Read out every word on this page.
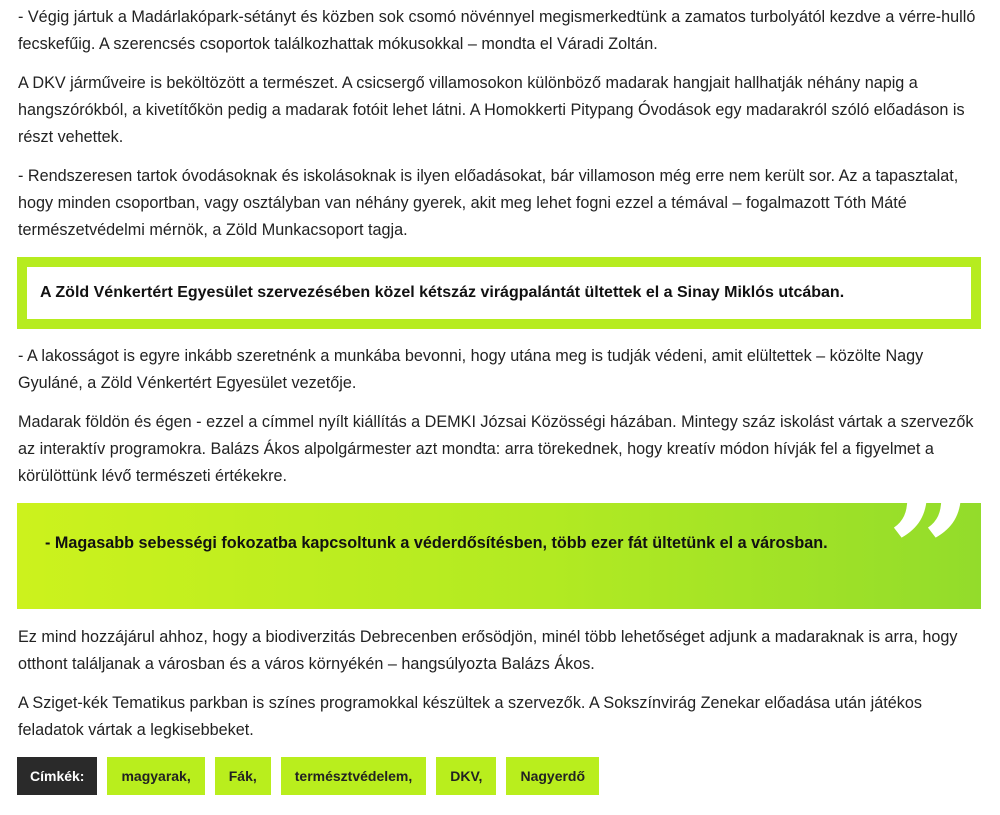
- Végig jártuk a Madárlakópark-sétányt és közben sok csomó növénnyel megismerkedtünk a zamatos turbolyától kezdve a vérre-hulló fecskefűig. A szerencsés csoportok találkozhattak mókusokkal – mondta el Váradi Zoltán.

A DKV járműveire is beköltözött a természet. A csicsergő villamosokon különböző madarak hangjait hallhatják néhány napig a hangszórókból, a kivetítőkön pedig a madarak fotóit lehet látni. A Homokkerti Pitypang Óvodások egy madarakról szóló előadáson is részt vehettek.

- Rendszeresen tartok óvodásoknak és iskolásoknak is ilyen előadásokat, bár villamoson még erre nem került sor. Az a tapasztalat, hogy minden csoportban, vagy osztályban van néhány gyerek, akit meg lehet fogni ezzel a témával – fogalmazott Tóth Máté természetvédelmi mérnök, a Zöld Munkacsoport tagja.

A Zöld Vénkertért Egyesület szervezésében közel kétszáz virágpalántát ültettek el a Sinay Miklós utcában.

- A lakosságot is egyre inkább szeretnénk a munkába bevonni, hogy utána meg is tudják védeni, amit elültettek – közölte Nagy Gyuláné, a Zöld Vénkertért Egyesület vezetője.

Madarak földön és égen - ezzel a címmel nyílt kiállítás a DEMKI Józsai Közösségi házában. Mintegy száz iskolást vártak a szervezők az interaktív programokra. Balázs Ákos alpolgármester azt mondta: arra törekednek, hogy kreatív módon hívják fel a figyelmet a körülöttünk lévő természeti értékekre.

- Magasabb sebességi fokozatba kapcsoltunk a véderdősítésben, több ezer fát ültetünk el a városban. ”

Ez mind hozzájárul ahhoz, hogy a biodiverzitás Debrecenben erősödjön, minél több lehetőséget adjunk a madaraknak is arra, hogy otthont találjanak a városban és a város környékén – hangsúlyozta Balázs Ákos.

A Sziget-kék Tematikus parkban is színes programokkal készültek a szervezők. A Sokszínvirág Zenekar előadása után játékos feladatok vártak a legkisebbeket.

Címkék:	magyarak,	Fák,	természtvédelem,	DKV,	Nagyerdő
